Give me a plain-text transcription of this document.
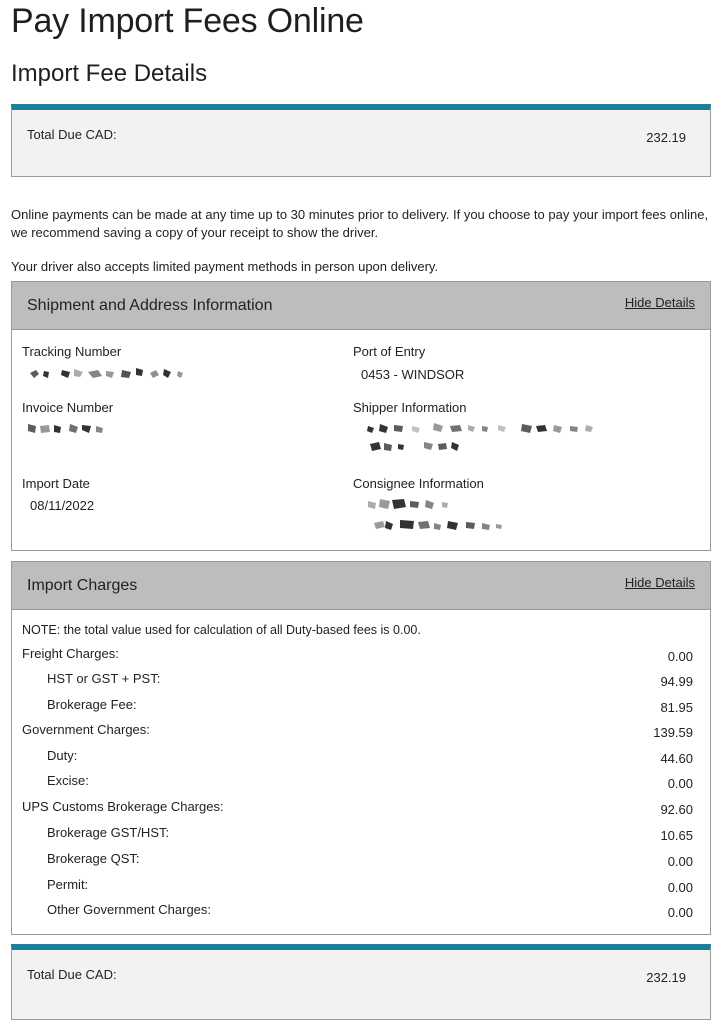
Pay Import Fees Online
Import Fee Details
Total Due CAD:	232.19

Online payments can be made at any time up to 30 minutes prior to delivery. If you choose to pay your import fees online, we recommend saving a copy of your receipt to show the driver.

Your driver also accepts limited payment methods in person upon delivery.

Shipment and Address Information	Hide Details
Tracking Number
Invoice Number
Import Date
08/11/2022
Port of Entry
0453 - WINDSOR
Shipper Information
Consignee Information
Import Charges	Hide Details
NOTE: the total value used for calculation of all Duty-based fees is 0.00.
Freight Charges:	0.00
HST or GST + PST:	94.99
Brokerage Fee:	81.95
Government Charges:	139.59
Duty:	44.60
Excise:	0.00
UPS Customs Brokerage Charges:	92.60
Brokerage GST/HST:	10.65
Brokerage QST:	0.00
Permit:	0.00
Other Government Charges:	0.00
Total Due CAD:	232.19
